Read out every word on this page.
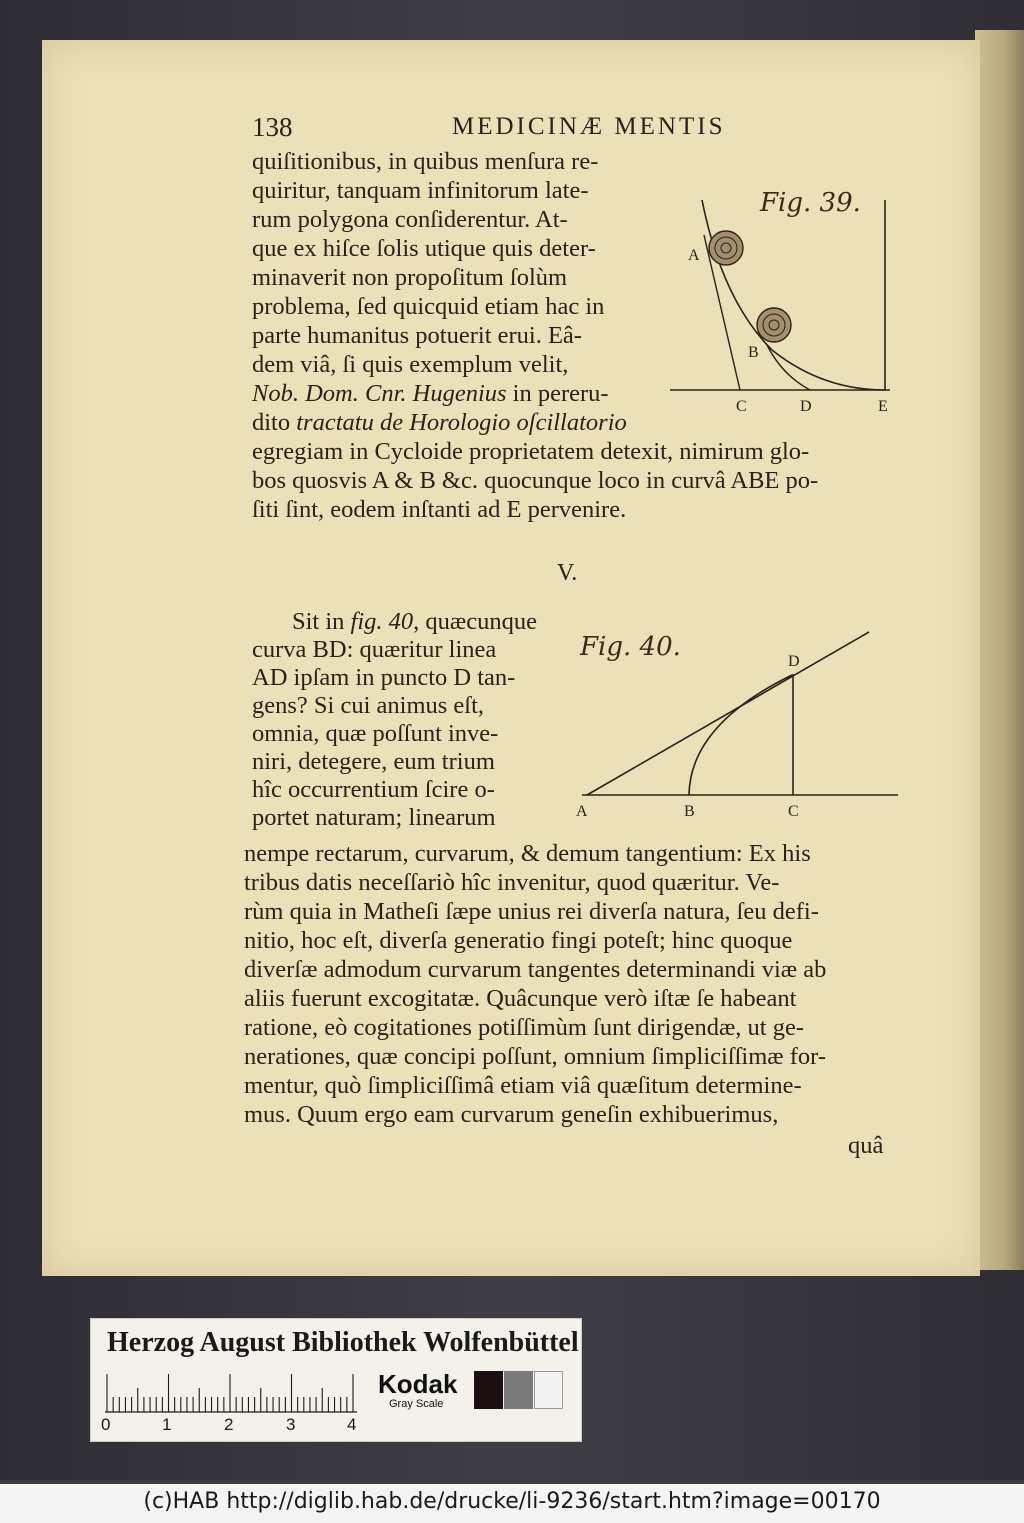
138	MEDICINÆ MENTIS

quiſitionibus, in quibus menſura re-

quiritur, tanquam infinitorum late-

rum polygona conſiderentur. At-

que ex hiſce ſolis utique quis deter-

minaverit non propoſitum ſolùm

problema, ſed quicquid etiam hac in

parte humanitus potuerit erui. Eâ-

dem viâ, ſi quis exemplum velit,

Nob. Dom. Cnr. Hugenius in pereru-

dito tractatu de Horologio oſcillatorio

egregiam in Cycloide proprietatem detexit, nimirum glo-

bos quosvis A & B &c. quocunque loco in curvâ ABE po-

ſiti ſint, eodem inſtanti ad E pervenire.

Fig. 39.

A
B
C	D	E

V.

Sit in fig. 40, quæcunque

curva BD: quæritur linea

AD ipſam in puncto D tan-

gens? Si cui animus eſt,

omnia, quæ poſſunt inve-

niri, detegere, eum trium

hîc occurrentium ſcire o-

portet naturam; linearum

nempe rectarum, curvarum, & demum tangentium: Ex his

tribus datis neceſſariò hîc invenitur, quod quæritur. Ve-

rùm quia in Matheſi ſæpe unius rei diverſa natura, ſeu defi-

nitio, hoc eſt, diverſa generatio fingi poteſt; hinc quoque

diverſæ admodum curvarum tangentes determinandi viæ ab

aliis fuerunt excogitatæ. Quâcunque verò iſtæ ſe habeant

ratione, eò cogitationes potiſſimùm ſunt dirigendæ, ut ge-

nerationes, quæ concipi poſſunt, omnium ſimpliciſſimæ for-

mentur, quò ſimpliciſſimâ etiam viâ quæſitum determine-

mus. Quum ergo eam curvarum geneſin exhibuerimus,

quâ

Fig. 40.

A	B	C
D

Herzog August Bibliothek Wolfenbüttel

0	1	2	3	4

Kodak

Gray Scale

(c)HAB http://diglib.hab.de/drucke/li-9236/start.htm?image=00170
